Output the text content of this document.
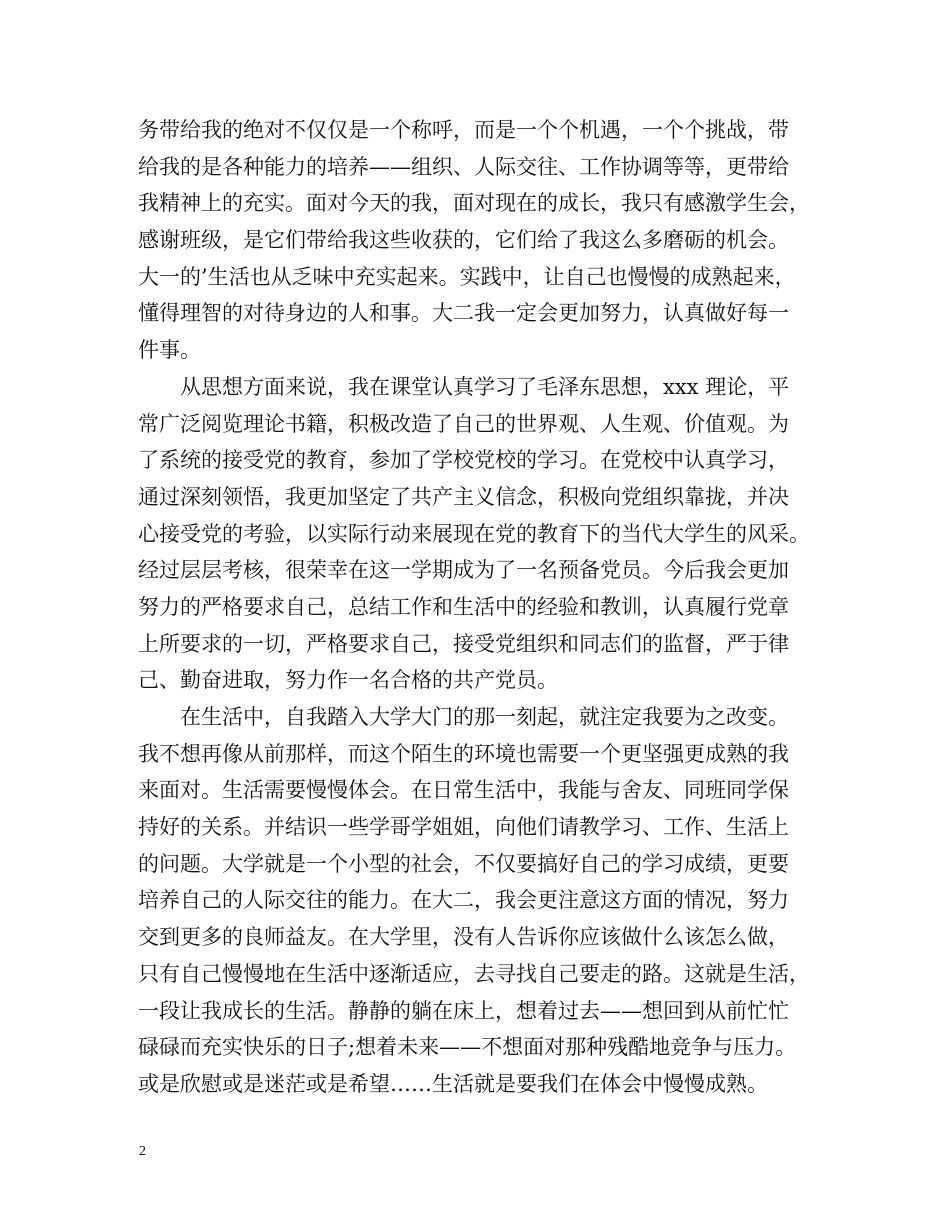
务带给我的绝对不仅仅是一个称呼，而是一个个机遇，一个个挑战，带
给我的是各种能力的培养——组织、人际交往、工作协调等等，更带给
我精神上的充实。面对今天的我，面对现在的成长，我只有感激学生会，
感谢班级，是它们带给我这些收获的，它们给了我这么多磨砺的机会。
大一的’生活也从乏味中充实起来。实践中，让自己也慢慢的成熟起来，
懂得理智的对待身边的人和事。大二我一定会更加努力，认真做好每一
件事。
从思想方面来说，我在课堂认真学习了毛泽东思想，xxx 理论，平
常广泛阅览理论书籍，积极改造了自己的世界观、人生观、价值观。为
了系统的接受党的教育，参加了学校党校的学习。在党校中认真学习，
通过深刻领悟，我更加坚定了共产主义信念，积极向党组织靠拢，并决
心接受党的考验，以实际行动来展现在党的教育下的当代大学生的风采。
经过层层考核，很荣幸在这一学期成为了一名预备党员。今后我会更加
努力的严格要求自己，总结工作和生活中的经验和教训，认真履行党章
上所要求的一切，严格要求自己，接受党组织和同志们的监督，严于律
己、勤奋进取，努力作一名合格的共产党员。
在生活中，自我踏入大学大门的那一刻起，就注定我要为之改变。
我不想再像从前那样，而这个陌生的环境也需要一个更坚强更成熟的我
来面对。生活需要慢慢体会。在日常生活中，我能与舍友、同班同学保
持好的关系。并结识一些学哥学姐姐，向他们请教学习、工作、生活上
的问题。大学就是一个小型的社会，不仅要搞好自己的学习成绩，更要
培养自己的人际交往的能力。在大二，我会更注意这方面的情况，努力
交到更多的良师益友。在大学里，没有人告诉你应该做什么该怎么做，
只有自己慢慢地在生活中逐渐适应，去寻找自己要走的路。这就是生活，
一段让我成长的生活。静静的躺在床上，想着过去——想回到从前忙忙
碌碌而充实快乐的日子;想着未来——不想面对那种残酷地竞争与压力。
或是欣慰或是迷茫或是希望……生活就是要我们在体会中慢慢成熟。
2
